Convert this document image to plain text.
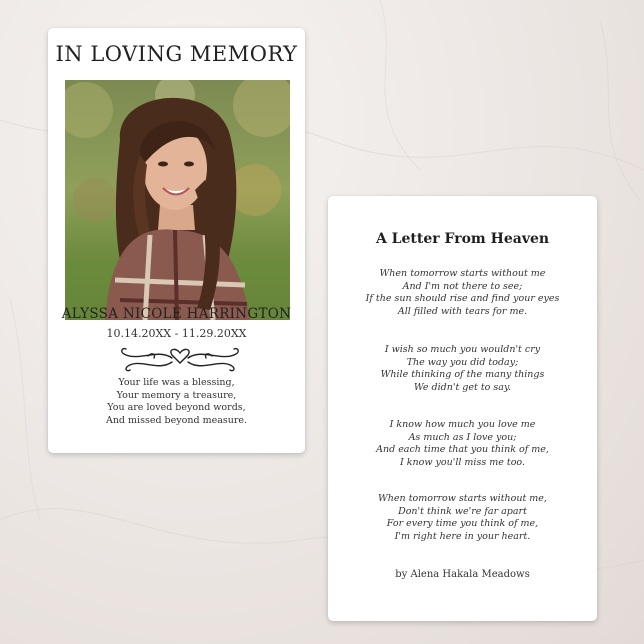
IN LOVING MEMORY
ALYSSA NICOLE HARRINGTON
10.14.20XX - 11.29.20XX
Your life was a blessing,
Your memory a treasure,
You are loved beyond words,
And missed beyond measure.
A Letter From Heaven
When tomorrow starts without me
And I'm not there to see;
If the sun should rise and find your eyes
All filled with tears for me.
I wish so much you wouldn't cry
The way you did today;
While thinking of the many things
We didn't get to say.
I know how much you love me
As much as I love you;
And each time that you think of me,
I know you'll miss me too.
When tomorrow starts without me,
Don't think we're far apart
For every time you think of me,
I'm right here in your heart.
by Alena Hakala Meadows
